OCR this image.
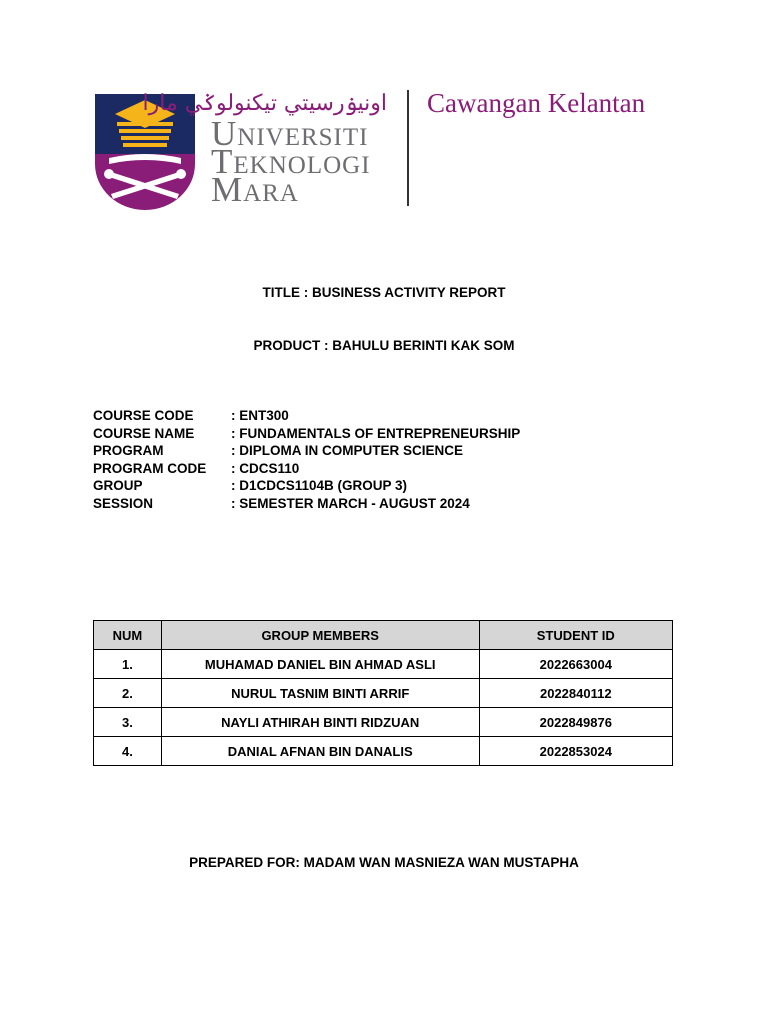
اونيۏرسيتي تيکنولوݢي مارا
Universiti
Teknologi
Mara
Cawangan Kelantan
TITLE : BUSINESS ACTIVITY REPORT
PRODUCT : BAHULU BERINTI KAK SOM
COURSE CODE	: ENT300
COURSE NAME	: FUNDAMENTALS OF ENTREPRENEURSHIP
PROGRAM	: DIPLOMA IN COMPUTER SCIENCE
PROGRAM CODE	: CDCS110
GROUP	: D1CDCS1104B (GROUP 3)
SESSION	: SEMESTER MARCH - AUGUST 2024
NUM	GROUP MEMBERS	STUDENT ID
1.	MUHAMAD DANIEL BIN AHMAD ASLI	2022663004
2.	NURUL TASNIM BINTI ARRIF	2022840112
3.	NAYLI ATHIRAH BINTI RIDZUAN	2022849876
4.	DANIAL AFNAN BIN DANALIS	2022853024
PREPARED FOR: MADAM WAN MASNIEZA WAN MUSTAPHA
